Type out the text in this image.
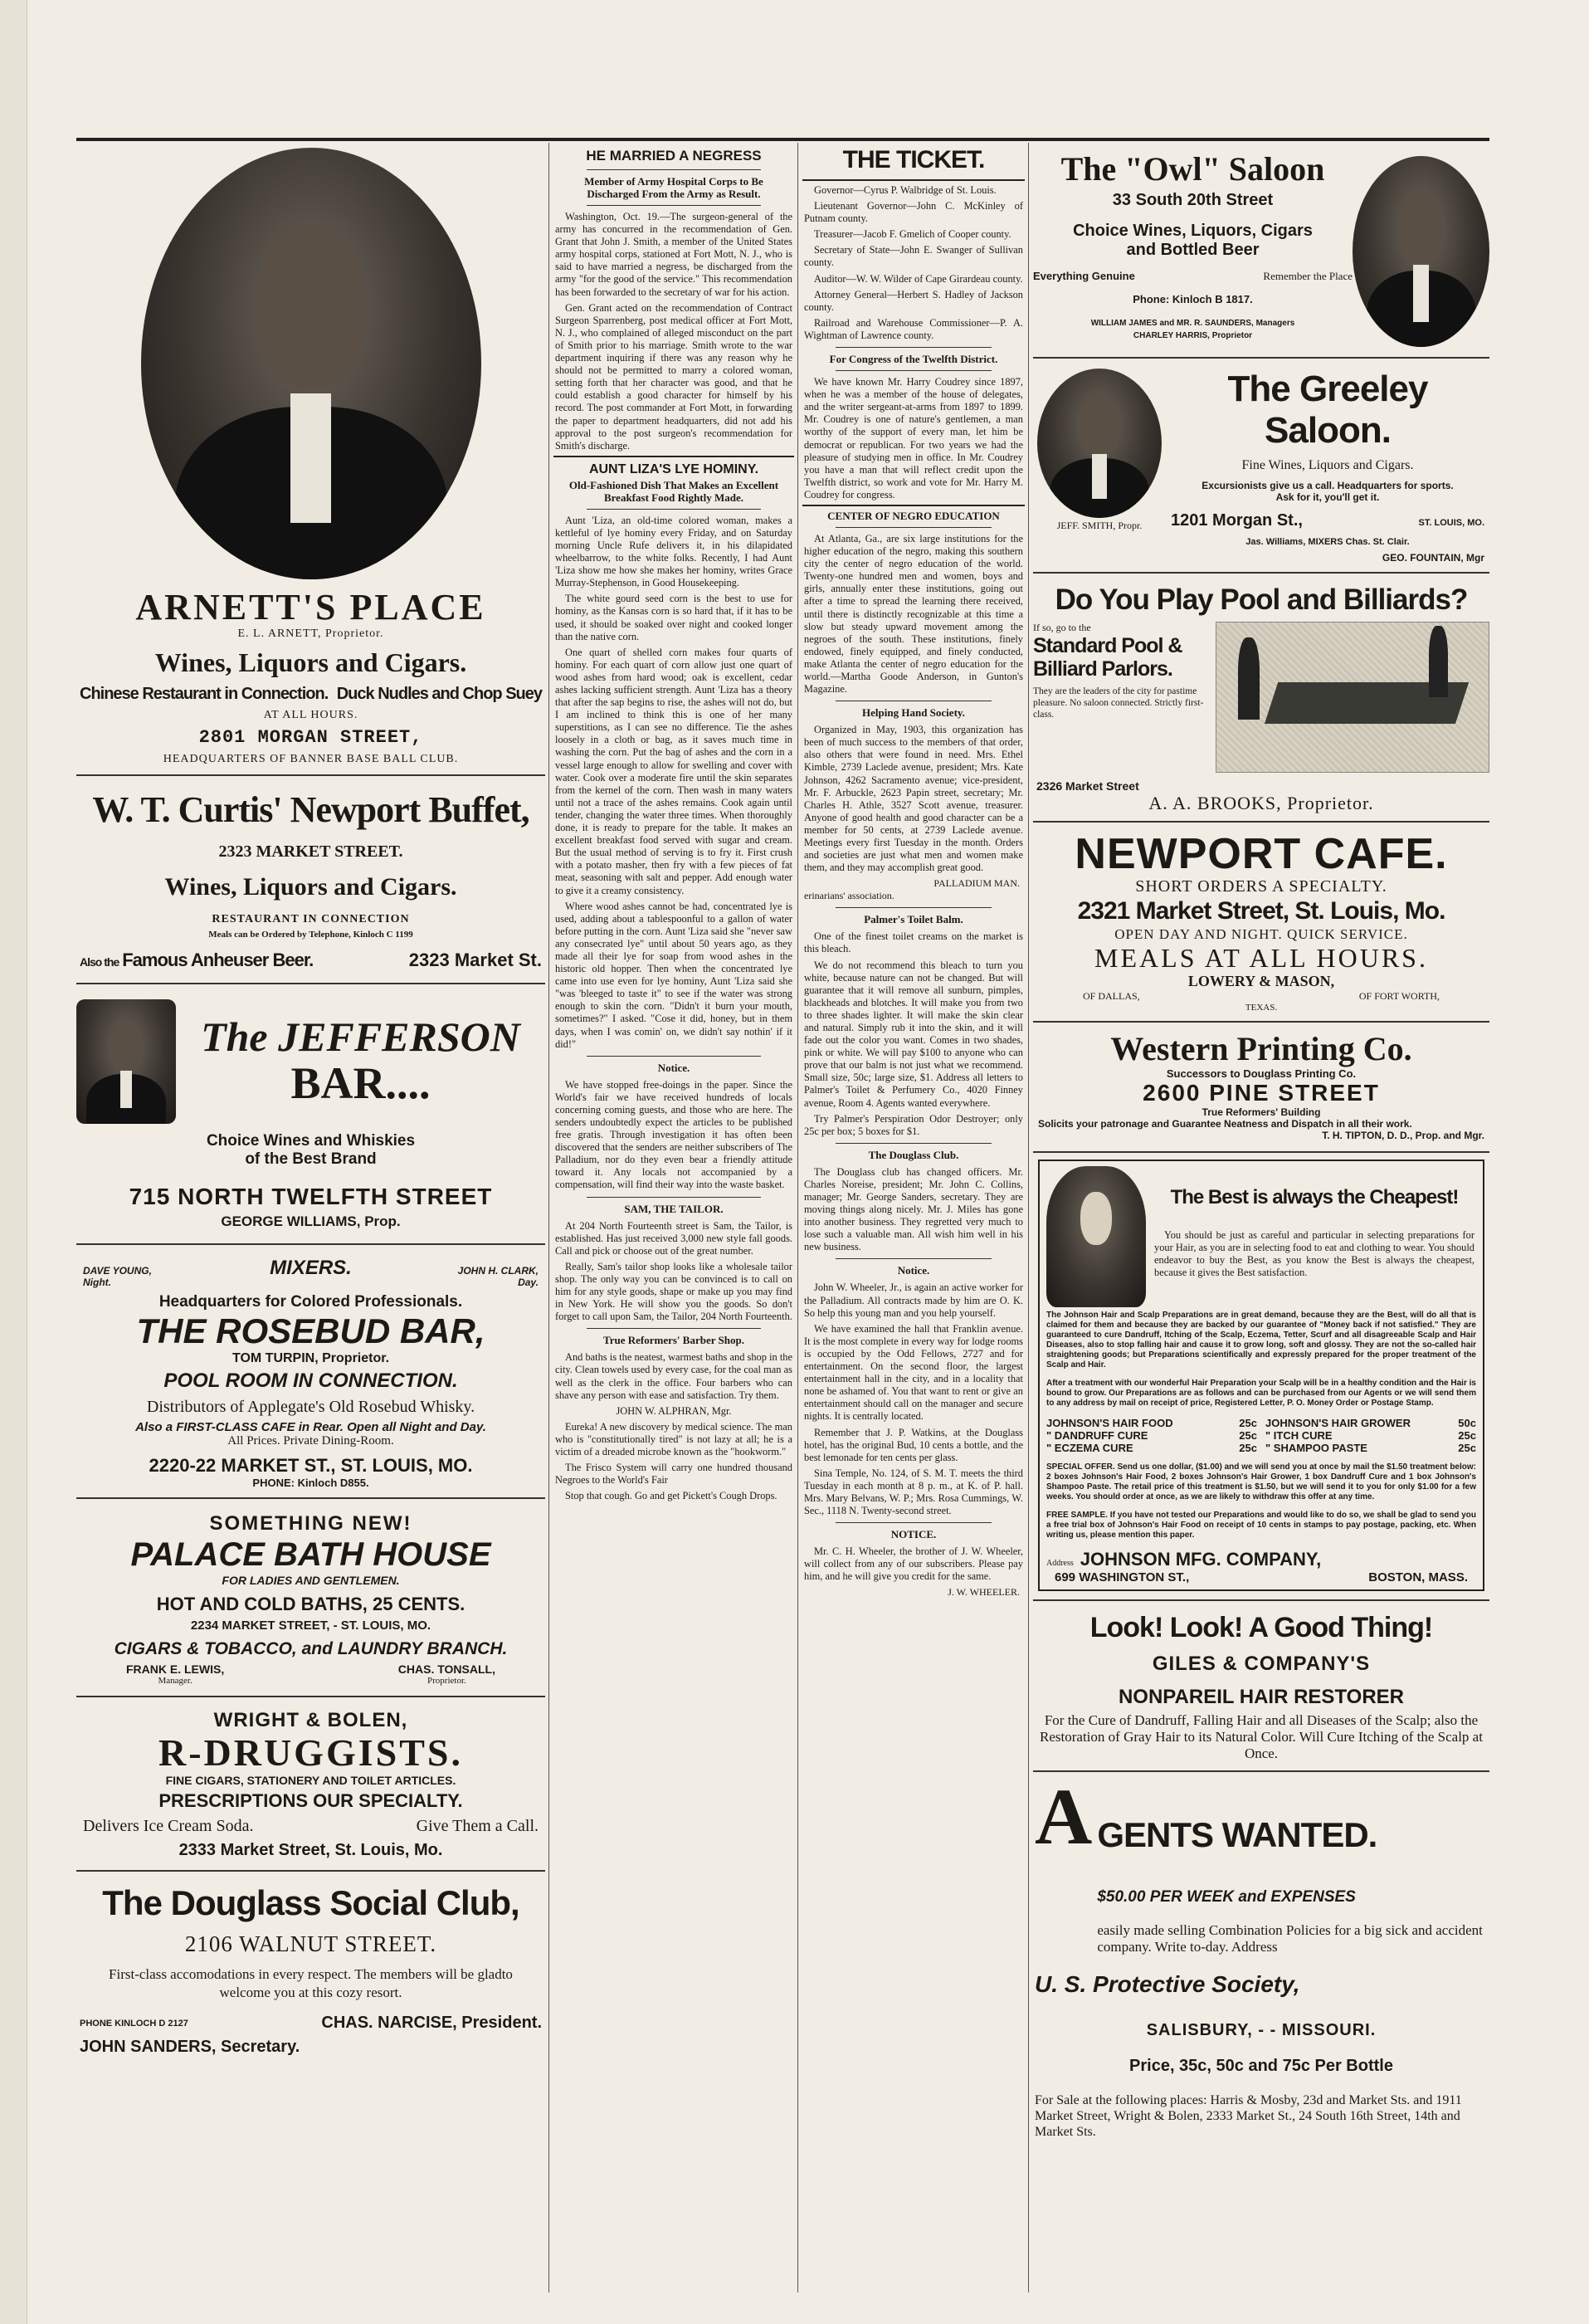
ARNETT'S PLACE

E. L. ARNETT, Proprietor.

Wines, Liquors and Cigars.

Chinese Restaurant in Connection. Duck Nudles and Chop Suey

AT ALL HOURS.

2801 MORGAN STREET,

HEADQUARTERS OF BANNER BASE BALL CLUB.

W. T. Curtis' Newport Buffet,

2323 MARKET STREET.

Wines, Liquors and Cigars.

RESTAURANT IN CONNECTION

Meals can be Ordered by Telephone, Kinloch C 1199

Also the Famous Anheuser Beer.	2323 Market St.

The JEFFERSON

BAR....

Choice Wines and Whiskies

of the Best Brand

715 NORTH TWELFTH STREET

GEORGE WILLIAMS, Prop.

DAVE YOUNG, Night.
MIXERS.	JOHN H. CLARK, Day.

Headquarters for Colored Professionals.

THE ROSEBUD BAR,

TOM TURPIN, Proprietor.

POOL ROOM IN CONNECTION.

Distributors of Applegate's Old Rosebud Whisky.

Also a FIRST-CLASS CAFE in Rear. Open all Night and Day.

All Prices. Private Dining-Room.

2220-22 MARKET ST., ST. LOUIS, MO.

PHONE: Kinloch D855.

SOMETHING NEW!

PALACE BATH HOUSE

FOR LADIES AND GENTLEMEN.

HOT AND COLD BATHS, 25 CENTS.

2234 MARKET STREET, - ST. LOUIS, MO.

CIGARS & TOBACCO, and LAUNDRY BRANCH.

FRANK E. LEWIS,

Manager.

CHAS. TONSALL,

Proprietor.

WRIGHT & BOLEN,

R-DRUGGISTS.

FINE CIGARS, STATIONERY AND TOILET ARTICLES.

PRESCRIPTIONS OUR SPECIALTY.

Delivers Ice Cream Soda.	Give Them a Call.

2333 Market Street, St. Louis, Mo.

The Douglass Social Club,

2106 WALNUT STREET.

First-class accomodations in every respect. The members will be gladto welcome you at this cozy resort.

PHONE KINLOCH D 2127	CHAS. NARCISE, President.

JOHN SANDERS, Secretary.

HE MARRIED A NEGRESS

Member of Army Hospital Corps to Be Discharged From the Army as Result.

Washington, Oct. 19.—The surgeon-general of the army has concurred in the recommendation of Gen. Grant that John J. Smith, a member of the United States army hospital corps, stationed at Fort Mott, N. J., who is said to have married a negress, be discharged from the army "for the good of the service." This recommendation has been forwarded to the secretary of war for his action.

Gen. Grant acted on the recommendation of Contract Surgeon Sparrenberg, post medical officer at Fort Mott, N. J., who complained of alleged misconduct on the part of Smith prior to his marriage. Smith wrote to the war department inquiring if there was any reason why he should not be permitted to marry a colored woman, setting forth that her character was good, and that he could establish a good character for himself by his record. The post commander at Fort Mott, in forwarding the paper to department headquarters, did not add his approval to the post surgeon's recommendation for Smith's discharge.

AUNT LIZA'S LYE HOMINY.

Old-Fashioned Dish That Makes an Excellent Breakfast Food Rightly Made.

Aunt 'Liza, an old-time colored woman, makes a kettleful of lye hominy every Friday, and on Saturday morning Uncle Rufe delivers it, in his dilapidated wheelbarrow, to the white folks. Recently, I had Aunt 'Liza show me how she makes her hominy, writes Grace Murray-Stephenson, in Good Housekeeping.

The white gourd seed corn is the best to use for hominy, as the Kansas corn is so hard that, if it has to be used, it should be soaked over night and cooked longer than the native corn.

One quart of shelled corn makes four quarts of hominy. For each quart of corn allow just one quart of wood ashes from hard wood; oak is excellent, cedar ashes lacking sufficient strength. Aunt 'Liza has a theory that after the sap begins to rise, the ashes will not do, but I am inclined to think this is one of her many superstitions, as I can see no difference. Tie the ashes loosely in a cloth or bag, as it saves much time in washing the corn. Put the bag of ashes and the corn in a vessel large enough to allow for swelling and cover with water. Cook over a moderate fire until the skin separates from the kernel of the corn. Then wash in many waters until not a trace of the ashes remains. Cook again until tender, changing the water three times. When thoroughly done, it is ready to prepare for the table. It makes an excellent breakfast food served with sugar and cream. But the usual method of serving is to fry it. First crush with a potato masher, then fry with a few pieces of fat meat, seasoning with salt and pepper. Add enough water to give it a creamy consistency.

Where wood ashes cannot be had, concentrated lye is used, adding about a tablespoonful to a gallon of water before putting in the corn. Aunt 'Liza said she "never saw any consecrated lye" until about 50 years ago, as they made all their lye for soap from wood ashes in the historic old hopper. Then when the concentrated lye came into use even for lye hominy, Aunt 'Liza said she "was 'bleeged to taste it" to see if the water was strong enough to skin the corn. "Didn't it burn your mouth, sometimes?" I asked. "Cose it did, honey, but in them days, when I was comin' on, we didn't say nothin' if it did!"

Notice.

We have stopped free-doings in the paper. Since the World's fair we have received hundreds of locals concerning coming guests, and those who are here. The senders undoubtedly expect the articles to be published free gratis. Through investigation it has often been discovered that the senders are neither subscribers of The Palladium, nor do they even bear a friendly attitude toward it. Any locals not accompanied by a compensation, will find their way into the waste basket.

SAM, THE TAILOR.

At 204 North Fourteenth street is Sam, the Tailor, is established. Has just received 3,000 new style fall goods. Call and pick or choose out of the great number.

Really, Sam's tailor shop looks like a wholesale tailor shop. The only way you can be convinced is to call on him for any style goods, shape or make up you may find in New York. He will show you the goods. So don't forget to call upon Sam, the Tailor, 204 North Fourteenth.

True Reformers' Barber Shop.

And baths is the neatest, warmest baths and shop in the city. Clean towels used by every case, for the coal man as well as the clerk in the office. Four barbers who can shave any person with ease and satisfaction. Try them.

JOHN W. ALPHRAN, Mgr.

Eureka! A new discovery by medical science. The man who is "constitutionally tired" is not lazy at all; he is a victim of a dreaded microbe known as the "hookworm."

The Frisco System will carry one hundred thousand Negroes to the World's Fair

Stop that cough. Go and get Pickett's Cough Drops.

THE TICKET.

Governor—Cyrus P. Walbridge of St. Louis.

Lieutenant Governor—John C. McKinley of Putnam county.

Treasurer—Jacob F. Gmelich of Cooper county.

Secretary of State—John E. Swanger of Sullivan county.

Auditor—W. W. Wilder of Cape Girardeau county.

Attorney General—Herbert S. Hadley of Jackson county.

Railroad and Warehouse Commissioner—P. A. Wightman of Lawrence county.

For Congress of the Twelfth District.

We have known Mr. Harry Coudrey since 1897, when he was a member of the house of delegates, and the writer sergeant-at-arms from 1897 to 1899. Mr. Coudrey is one of nature's gentlemen, a man worthy of the support of every man, let him be democrat or republican. For two years we had the pleasure of studying men in office. In Mr. Coudrey you have a man that will reflect credit upon the Twelfth district, so work and vote for Mr. Harry M. Coudrey for congress.

CENTER OF NEGRO EDUCATION

At Atlanta, Ga., are six large institutions for the higher education of the negro, making this southern city the center of negro education of the world. Twenty-one hundred men and women, boys and girls, annually enter these institutions, going out after a time to spread the learning there received, until there is distinctly recognizable at this time a slow but steady upward movement among the negroes of the south. These institutions, finely endowed, finely equipped, and finely conducted, make Atlanta the center of negro education for the world.—Martha Goode Anderson, in Gunton's Magazine.

Helping Hand Society.

Organized in May, 1903, this organization has been of much success to the members of that order, also others that were found in need. Mrs. Ethel Kimble, 2739 Laclede avenue, president; Mrs. Kate Johnson, 4262 Sacramento avenue; vice-president, Mr. F. Arbuckle, 2623 Papin street, secretary; Mr. Charles H. Athle, 3527 Scott avenue, treasurer. Anyone of good health and good character can be a member for 50 cents, at 2739 Laclede avenue. Meetings every first Tuesday in the month. Orders and societies are just what men and women make them, and they may accomplish great good.

PALLADIUM MAN.

erinarians' association.

Palmer's Toilet Balm.

One of the finest toilet creams on the market is this bleach.

We do not recommend this bleach to turn you white, because nature can not be changed. But will guarantee that it will remove all sunburn, pimples, blackheads and blotches. It will make you from two to three shades lighter. It will make the skin clear and natural. Simply rub it into the skin, and it will fade out the color you want. Comes in two shades, pink or white. We will pay $100 to anyone who can prove that our balm is not just what we recommend. Small size, 50c; large size, $1. Address all letters to Palmer's Toilet & Perfumery Co., 4020 Finney avenue, Room 4. Agents wanted everywhere.

Try Palmer's Perspiration Odor Destroyer; only 25c per box; 5 boxes for $1.

The Douglass Club.

The Douglass club has changed officers. Mr. Charles Noreise, president; Mr. John C. Collins, manager; Mr. George Sanders, secretary. They are moving things along nicely. Mr. J. Miles has gone into another business. They regretted very much to lose such a valuable man. All wish him well in his new business.

Notice.

John W. Wheeler, Jr., is again an active worker for the Palladium. All contracts made by him are O. K. So help this young man and you help yourself.

We have examined the hall that Franklin avenue. It is the most complete in every way for lodge rooms is occupied by the Odd Fellows, 2727 and for entertainment. On the second floor, the largest entertainment hall in the city, and in a locality that none be ashamed of. You that want to rent or give an entertainment should call on the manager and secure nights. It is centrally located.

Remember that J. P. Watkins, at the Douglass hotel, has the original Bud, 10 cents a bottle, and the best lemonade for ten cents per glass.

Sina Temple, No. 124, of S. M. T. meets the third Tuesday in each month at 8 p. m., at K. of P. hall. Mrs. Mary Belvans, W. P.; Mrs. Rosa Cummings, W. Sec., 1118 N. Twenty-second street.

NOTICE.

Mr. C. H. Wheeler, the brother of J. W. Wheeler, will collect from any of our subscribers. Please pay him, and he will give you credit for the same.

J. W. WHEELER.

The "Owl" Saloon

33 South 20th Street

Choice Wines, Liquors, Cigars

and Bottled Beer

Everything Genuine	Remember the Place

Phone: Kinloch B 1817.

WILLIAM JAMES and MR. R. SAUNDERS, Managers

CHARLEY HARRIS, Proprietor

JEFF. SMITH, Propr.

The Greeley Saloon.

Fine Wines, Liquors and Cigars.

Excursionists give us a call. Headquarters for sports.

Ask for it, you'll get it.

1201 Morgan St.,	ST. LOUIS, MO.

Jas. Williams, MIXERS Chas. St. Clair.

GEO. FOUNTAIN, Mgr

Do You Play Pool and Billiards?

If so, go to the

Standard Pool &

Billiard Parlors.

They are the leaders of the city for pastime pleasure. No saloon connected. Strictly first-class.

2326 Market Street

A. A. BROOKS, Proprietor.

NEWPORT CAFE.

SHORT ORDERS A SPECIALTY.

2321 Market Street, St. Louis, Mo.

OPEN DAY AND NIGHT. QUICK SERVICE.

MEALS AT ALL HOURS.

LOWERY & MASON,

OF DALLAS,	OF FORT WORTH,

TEXAS.

Western Printing Co.

Successors to Douglass Printing Co.

2600 PINE STREET

True Reformers' Building

Solicits your patronage and Guarantee Neatness and Dispatch in all their work.

T. H. TIPTON, D. D., Prop. and Mgr.

The Best is always the Cheapest!

You should be just as careful and particular in selecting preparations for your Hair, as you are in selecting food to eat and clothing to wear. You should endeavor to buy the Best, as you know the Best is always the cheapest, because it gives the Best satisfaction.

The Johnson Hair and Scalp Preparations are in great demand, because they are the Best, will do all that is claimed for them and because they are backed by our guarantee of "Money back if not satisfied." They are guaranteed to cure Dandruff, Itching of the Scalp, Eczema, Tetter, Scurf and all disagreeable Scalp and Hair Diseases, also to stop falling hair and cause it to grow long, soft and glossy. They are not the so-called hair straightening goods; but Preparations scientifically and expressly prepared for the proper treatment of the Scalp and Hair.

After a treatment with our wonderful Hair Preparation your Scalp will be in a healthy condition and the Hair is bound to grow. Our Preparations are as follows and can be purchased from our Agents or we will send them to any address by mail on receipt of price, Registered Letter, P. O. Money Order or Postage Stamp.

JOHNSON'S HAIR FOOD	25c JOHNSON'S HAIR GROWER	50c
" DANDRUFF CURE	25c " ITCH CURE	25c
" ECZEMA CURE	25c " SHAMPOO PASTE	25c

SPECIAL OFFER. Send us one dollar, ($1.00) and we will send you at once by mail the $1.50 treatment below: 2 boxes Johnson's Hair Food, 2 boxes Johnson's Hair Grower, 1 box Dandruff Cure and 1 box Johnson's Shampoo Paste. The retail price of this treatment is $1.50, but we will send it to you for only $1.00 for a few weeks. You should order at once, as we are likely to withdraw this offer at any time.

FREE SAMPLE. If you have not tested our Preparations and would like to do so, we shall be glad to send you a free trial box of Johnson's Hair Food on receipt of 10 cents in stamps to pay postage, packing, etc. When writing us, please mention this paper.

Address JOHNSON MFG. COMPANY,
699 WASHINGTON ST.,	BOSTON, MASS.

Look! Look! A Good Thing!

GILES & COMPANY'S

NONPAREIL HAIR RESTORER

For the Cure of Dandruff, Falling Hair and all Diseases of the Scalp; also the Restoration of Gray Hair to its Natural Color. Will Cure Itching of the Scalp at Once.

A GENTS WANTED.

$50.00 PER WEEK and EXPENSES

easily made selling Combination Policies for a big sick and accident company. Write to-day. Address

U. S. Protective Society,

SALISBURY, - - MISSOURI.

Price, 35c, 50c and 75c Per Bottle

For Sale at the following places: Harris & Mosby, 23d and Market Sts. and 1911 Market Street, Wright & Bolen, 2333 Market St., 24 South 16th Street, 14th and Market Sts.
